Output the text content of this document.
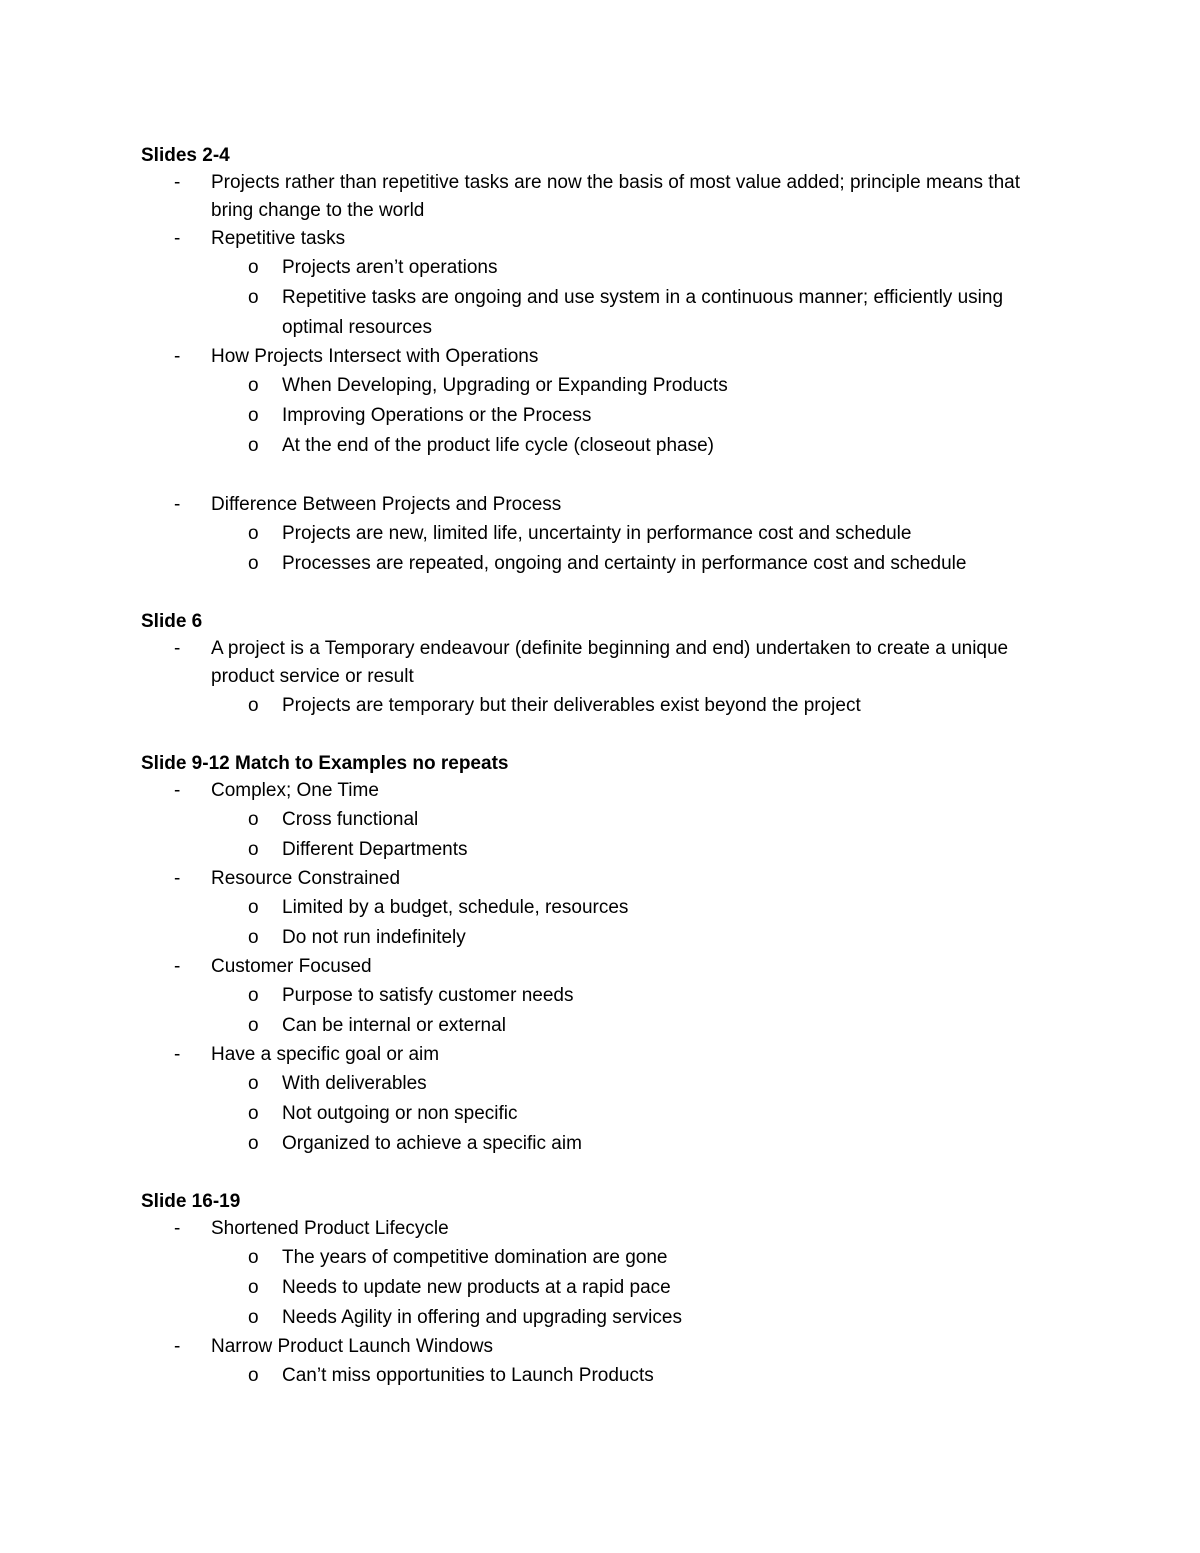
Slides 2-4
-	Projects rather than repetitive tasks are now the basis of most value added; principle means that bring change to the world
-	Repetitive tasks
o	Projects aren’t operations
o	Repetitive tasks are ongoing and use system in a continuous manner; efficiently using optimal resources
-	How Projects Intersect with Operations
o	When Developing, Upgrading or Expanding Products
o	Improving Operations or the Process
o	At the end of the product life cycle (closeout phase)
-	Difference Between Projects and Process
o	Projects are new, limited life, uncertainty in performance cost and schedule
o	Processes are repeated, ongoing and certainty in performance cost and schedule
Slide 6
-	A project is a Temporary endeavour (definite beginning and end) undertaken to create a unique product service or result
o	Projects are temporary but their deliverables exist beyond the project
Slide 9-12 Match to Examples no repeats
-	Complex; One Time
o	Cross functional
o	Different Departments
-	Resource Constrained
o	Limited by a budget, schedule, resources
o	Do not run indefinitely
-	Customer Focused
o	Purpose to satisfy customer needs
o	Can be internal or external
-	Have a specific goal or aim
o	With deliverables
o	Not outgoing or non specific
o	Organized to achieve a specific aim
Slide 16-19
-	Shortened Product Lifecycle
o	The years of competitive domination are gone
o	Needs to update new products at a rapid pace
o	Needs Agility in offering and upgrading services
-	Narrow Product Launch Windows
o	Can’t miss opportunities to Launch Products
